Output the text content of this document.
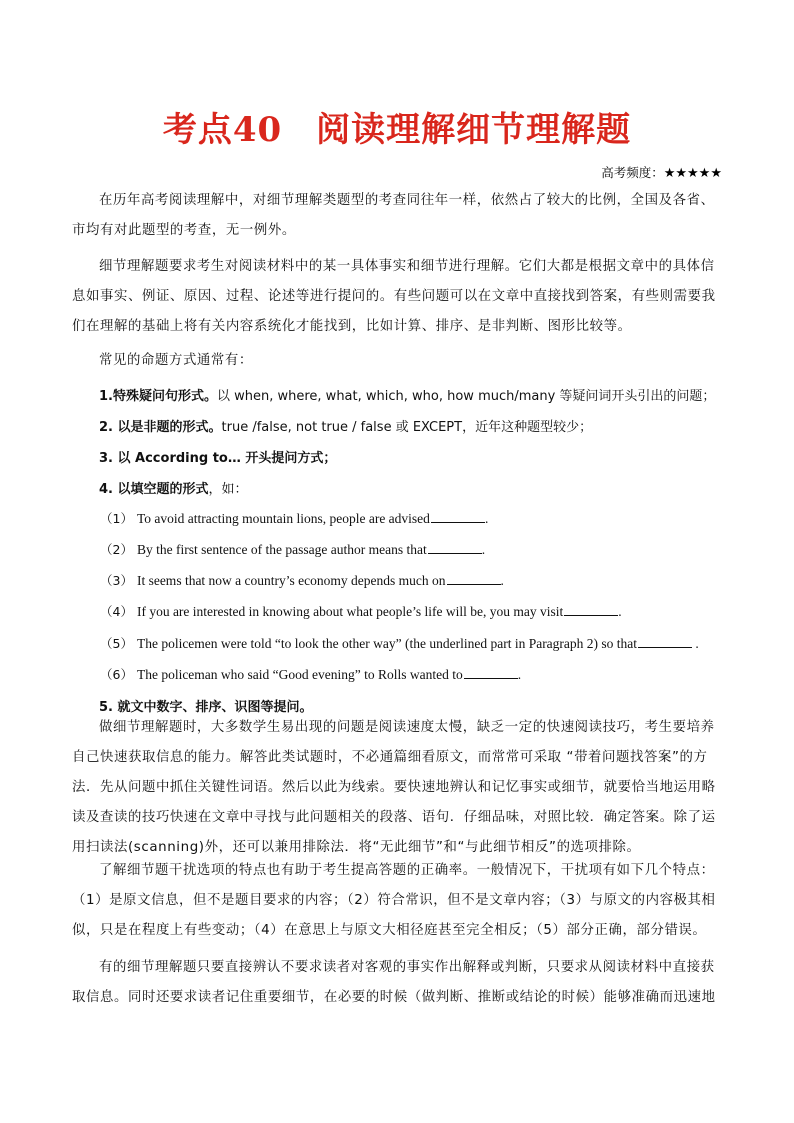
考点40 阅读理解细节理解题
高考频度：★★★★★
在历年高考阅读理解中，对细节理解类题型的考查同往年一样，依然占了较大的比例，全国及各省、市均有对此题型的考查，无一例外。
细节理解题要求考生对阅读材料中的某一具体事实和细节进行理解。它们大都是根据文章中的具体信息如事实、例证、原因、过程、论述等进行提问的。有些问题可以在文章中直接找到答案，有些则需要我们在理解的基础上将有关内容系统化才能找到，比如计算、排序、是非判断、图形比较等。
常见的命题方式通常有：
1.特殊疑问句形式。以 when, where, what, which, who, how much/many 等疑问词开头引出的问题；
2. 以是非题的形式。true /false, not true / false 或 EXCEPT，近年这种题型较少；
3. 以 According to… 开头提问方式；
4. 以填空题的形式，如：
（1） To avoid attracting mountain lions, people are advised	.
（2） By the first sentence of the passage author means that	.
（3） It seems that now a country’s economy depends much on	.
（4） If you are interested in knowing about what people’s life will be, you may visit	.
（5） The policemen were told “to look the other way” (the underlined part in Paragraph 2) so that	.
（6） The policeman who said “Good evening” to Rolls wanted to	.
5. 就文中数字、排序、识图等提问。
做细节理解题时，大多数学生易出现的问题是阅读速度太慢，缺乏一定的快速阅读技巧，考生要培养自己快速获取信息的能力。解答此类试题时，不必通篇细看原文，而常常可采取 “带着问题找答案”的方法．先从问题中抓住关键性词语。然后以此为线索。要快速地辨认和记忆事实或细节，就要恰当地运用略读及查读的技巧快速在文章中寻找与此问题相关的段落、语句．仔细品味，对照比较．确定答案。除了运用扫读法(scanning)外，还可以兼用排除法．将“无此细节”和“与此细节相反”的选项排除。
了解细节题干扰选项的特点也有助于考生提高答题的正确率。一般情况下，干扰项有如下几个特点：（1）是原文信息，但不是题目要求的内容；（2）符合常识，但不是文章内容；（3）与原文的内容极其相似，只是在程度上有些变动；（4）在意思上与原文大相径庭甚至完全相反；（5）部分正确，部分错误。
有的细节理解题只要直接辨认不要求读者对客观的事实作出解释或判断，只要求从阅读材料中直接获取信息。同时还要求读者记住重要细节，在必要的时候（做判断、推断或结论的时候）能够准确而迅速地
